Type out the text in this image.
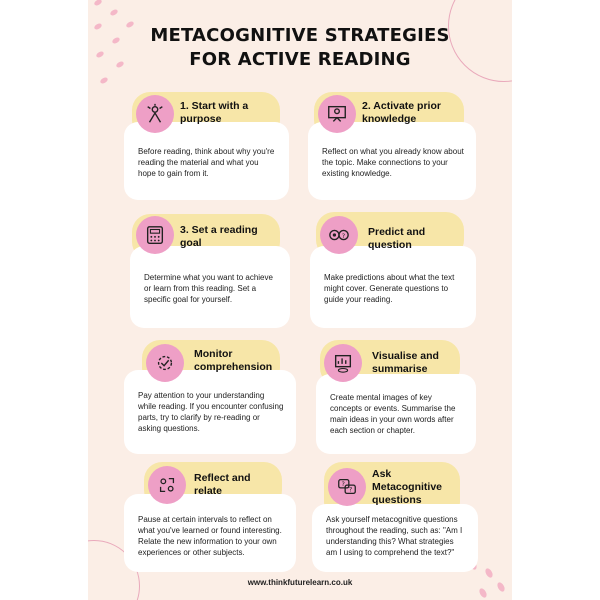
METACOGNITIVE STRATEGIES
FOR ACTIVE READING
Before reading, think about why you're reading the material and what you hope to gain from it.
1. Start with a
purpose
Reflect on what you already know about the topic. Make connections to your existing knowledge.
2. Activate prior
knowledge
Determine what you want to achieve or learn from this reading. Set a specific goal for yourself.
3. Set a reading
goal
Make predictions about what the text might cover. Generate questions to guide your reading.
? Predict and
question
Pay attention to your understanding while reading. If you encounter confusing parts, try to clarify by re-reading or asking questions.
Monitor
comprehension
Create mental images of key concepts or events. Summarise the main ideas in your own words after each section or chapter.
Visualise and
summarise
Pause at certain intervals to reflect on what you've learned or found interesting. Relate the new information to your own experiences or other subjects.
Reflect and
relate
Ask yourself metacognitive questions throughout the reading, such as: "Am I understanding this? What strategies am I using to comprehend the text?"
?
?
Ask
Metacognitive
questions
www.thinkfuturelearn.co.uk
